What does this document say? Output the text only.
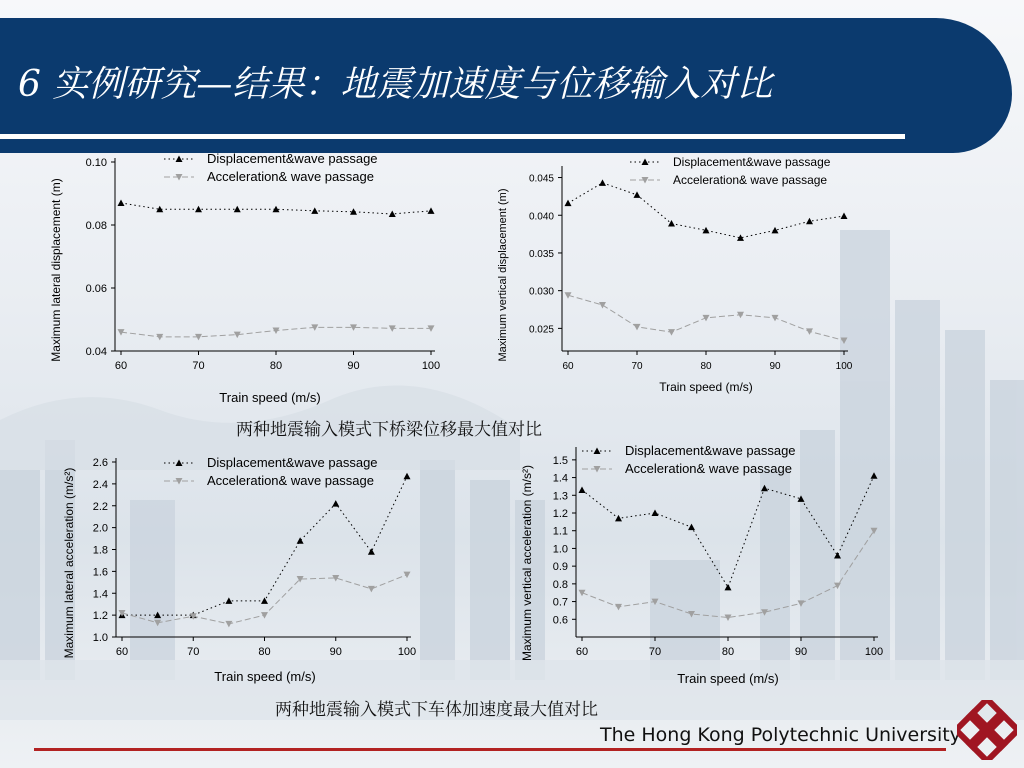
6 实例研究—结果：地震加速度与位移输入对比
60	70	80	90	100
0.04
0.06
0.08
0.10
Train speed (m/s)
Maximum lateral displacement (m)
Displacement&wave passage
Acceleration& wave passage
60	70	80	90	100
0.025
0.030
0.035
0.040
0.045
Train speed (m/s)
Maximum vertical displacement (m)
Displacement&wave passage
Acceleration& wave passage
60	70	80	90	100
1.0
1.2
1.4
1.6
1.8
2.0
2.2
2.4
2.6
Train speed (m/s)
Maximum lateral acceleration (m/s²)
Displacement&wave passage
Acceleration& wave passage
60	70	80	90	100
0.6
0.7
0.8
0.9
1.0
1.1
1.2
1.3
1.4
1.5
Train speed (m/s)
Maximum vertical acceleration (m/s²)
Displacement&wave passage
Acceleration& wave passage
两种地震输入模式下桥梁位移最大值对比
两种地震输入模式下车体加速度最大值对比
The Hong Kong Polytechnic University
